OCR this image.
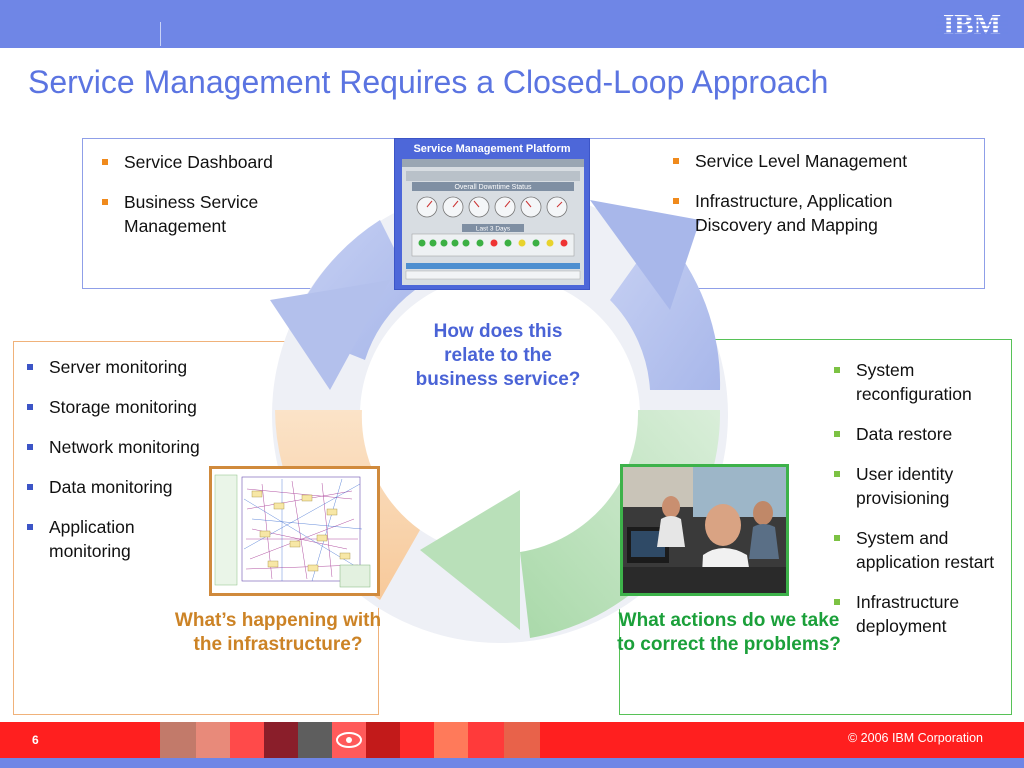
IBM
Service Management Requires a Closed-Loop Approach
Service Management Platform
Overall Downtime Status
Last 3 Days
Service Dashboard
Business Service Management
Service Level Management
Infrastructure, Application Discovery and Mapping
Server monitoring
Storage monitoring
Network monitoring
Data monitoring
Application monitoring
System reconfiguration
Data restore
User identity provisioning
System and application restart
Infrastructure deployment
How does this relate to the business service?
What’s happening with the infrastructure?
What actions do we take to correct the problems?
6	© 2006 IBM Corporation
